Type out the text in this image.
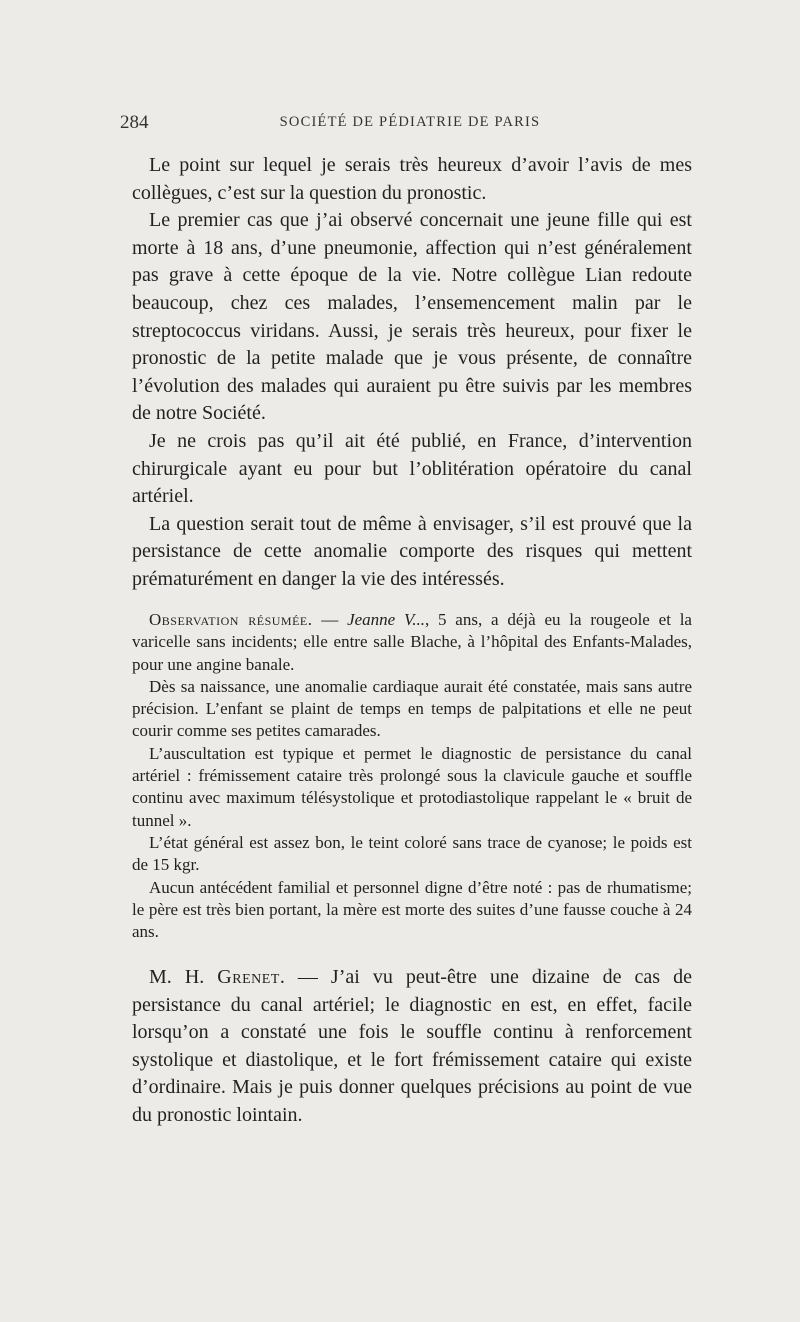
284	SOCIÉTÉ DE PÉDIATRIE DE PARIS

Le point sur lequel je serais très heureux d’avoir l’avis de mes collègues, c’est sur la question du pronostic.

Le premier cas que j’ai observé concernait une jeune fille qui est morte à 18 ans, d’une pneumonie, affection qui n’est généralement pas grave à cette époque de la vie. Notre collègue Lian redoute beaucoup, chez ces malades, l’ensemencement malin par le streptococcus viridans. Aussi, je serais très heureux, pour fixer le pronostic de la petite malade que je vous présente, de connaître l’évolution des malades qui auraient pu être suivis par les membres de notre Société.

Je ne crois pas qu’il ait été publié, en France, d’intervention chirurgicale ayant eu pour but l’oblitération opératoire du canal artériel.

La question serait tout de même à envisager, s’il est prouvé que la persistance de cette anomalie comporte des risques qui mettent prématurément en danger la vie des intéressés.

Observation résumée. — Jeanne V..., 5 ans, a déjà eu la rougeole et la varicelle sans incidents; elle entre salle Blache, à l’hôpital des Enfants-Malades, pour une angine banale.

Dès sa naissance, une anomalie cardiaque aurait été constatée, mais sans autre précision. L’enfant se plaint de temps en temps de palpitations et elle ne peut courir comme ses petites camarades.

L’auscultation est typique et permet le diagnostic de persistance du canal artériel : frémissement cataire très prolongé sous la clavicule gauche et souffle continu avec maximum télésystolique et protodiastolique rappelant le « bruit de tunnel ».

L’état général est assez bon, le teint coloré sans trace de cyanose; le poids est de 15 kgr.

Aucun antécédent familial et personnel digne d’être noté : pas de rhumatisme; le père est très bien portant, la mère est morte des suites d’une fausse couche à 24 ans.

M. H. Grenet. — J’ai vu peut-être une dizaine de cas de persistance du canal artériel; le diagnostic en est, en effet, facile lorsqu’on a constaté une fois le souffle continu à renforcement systolique et diastolique, et le fort frémissement cataire qui existe d’ordinaire. Mais je puis donner quelques précisions au point de vue du pronostic lointain.
